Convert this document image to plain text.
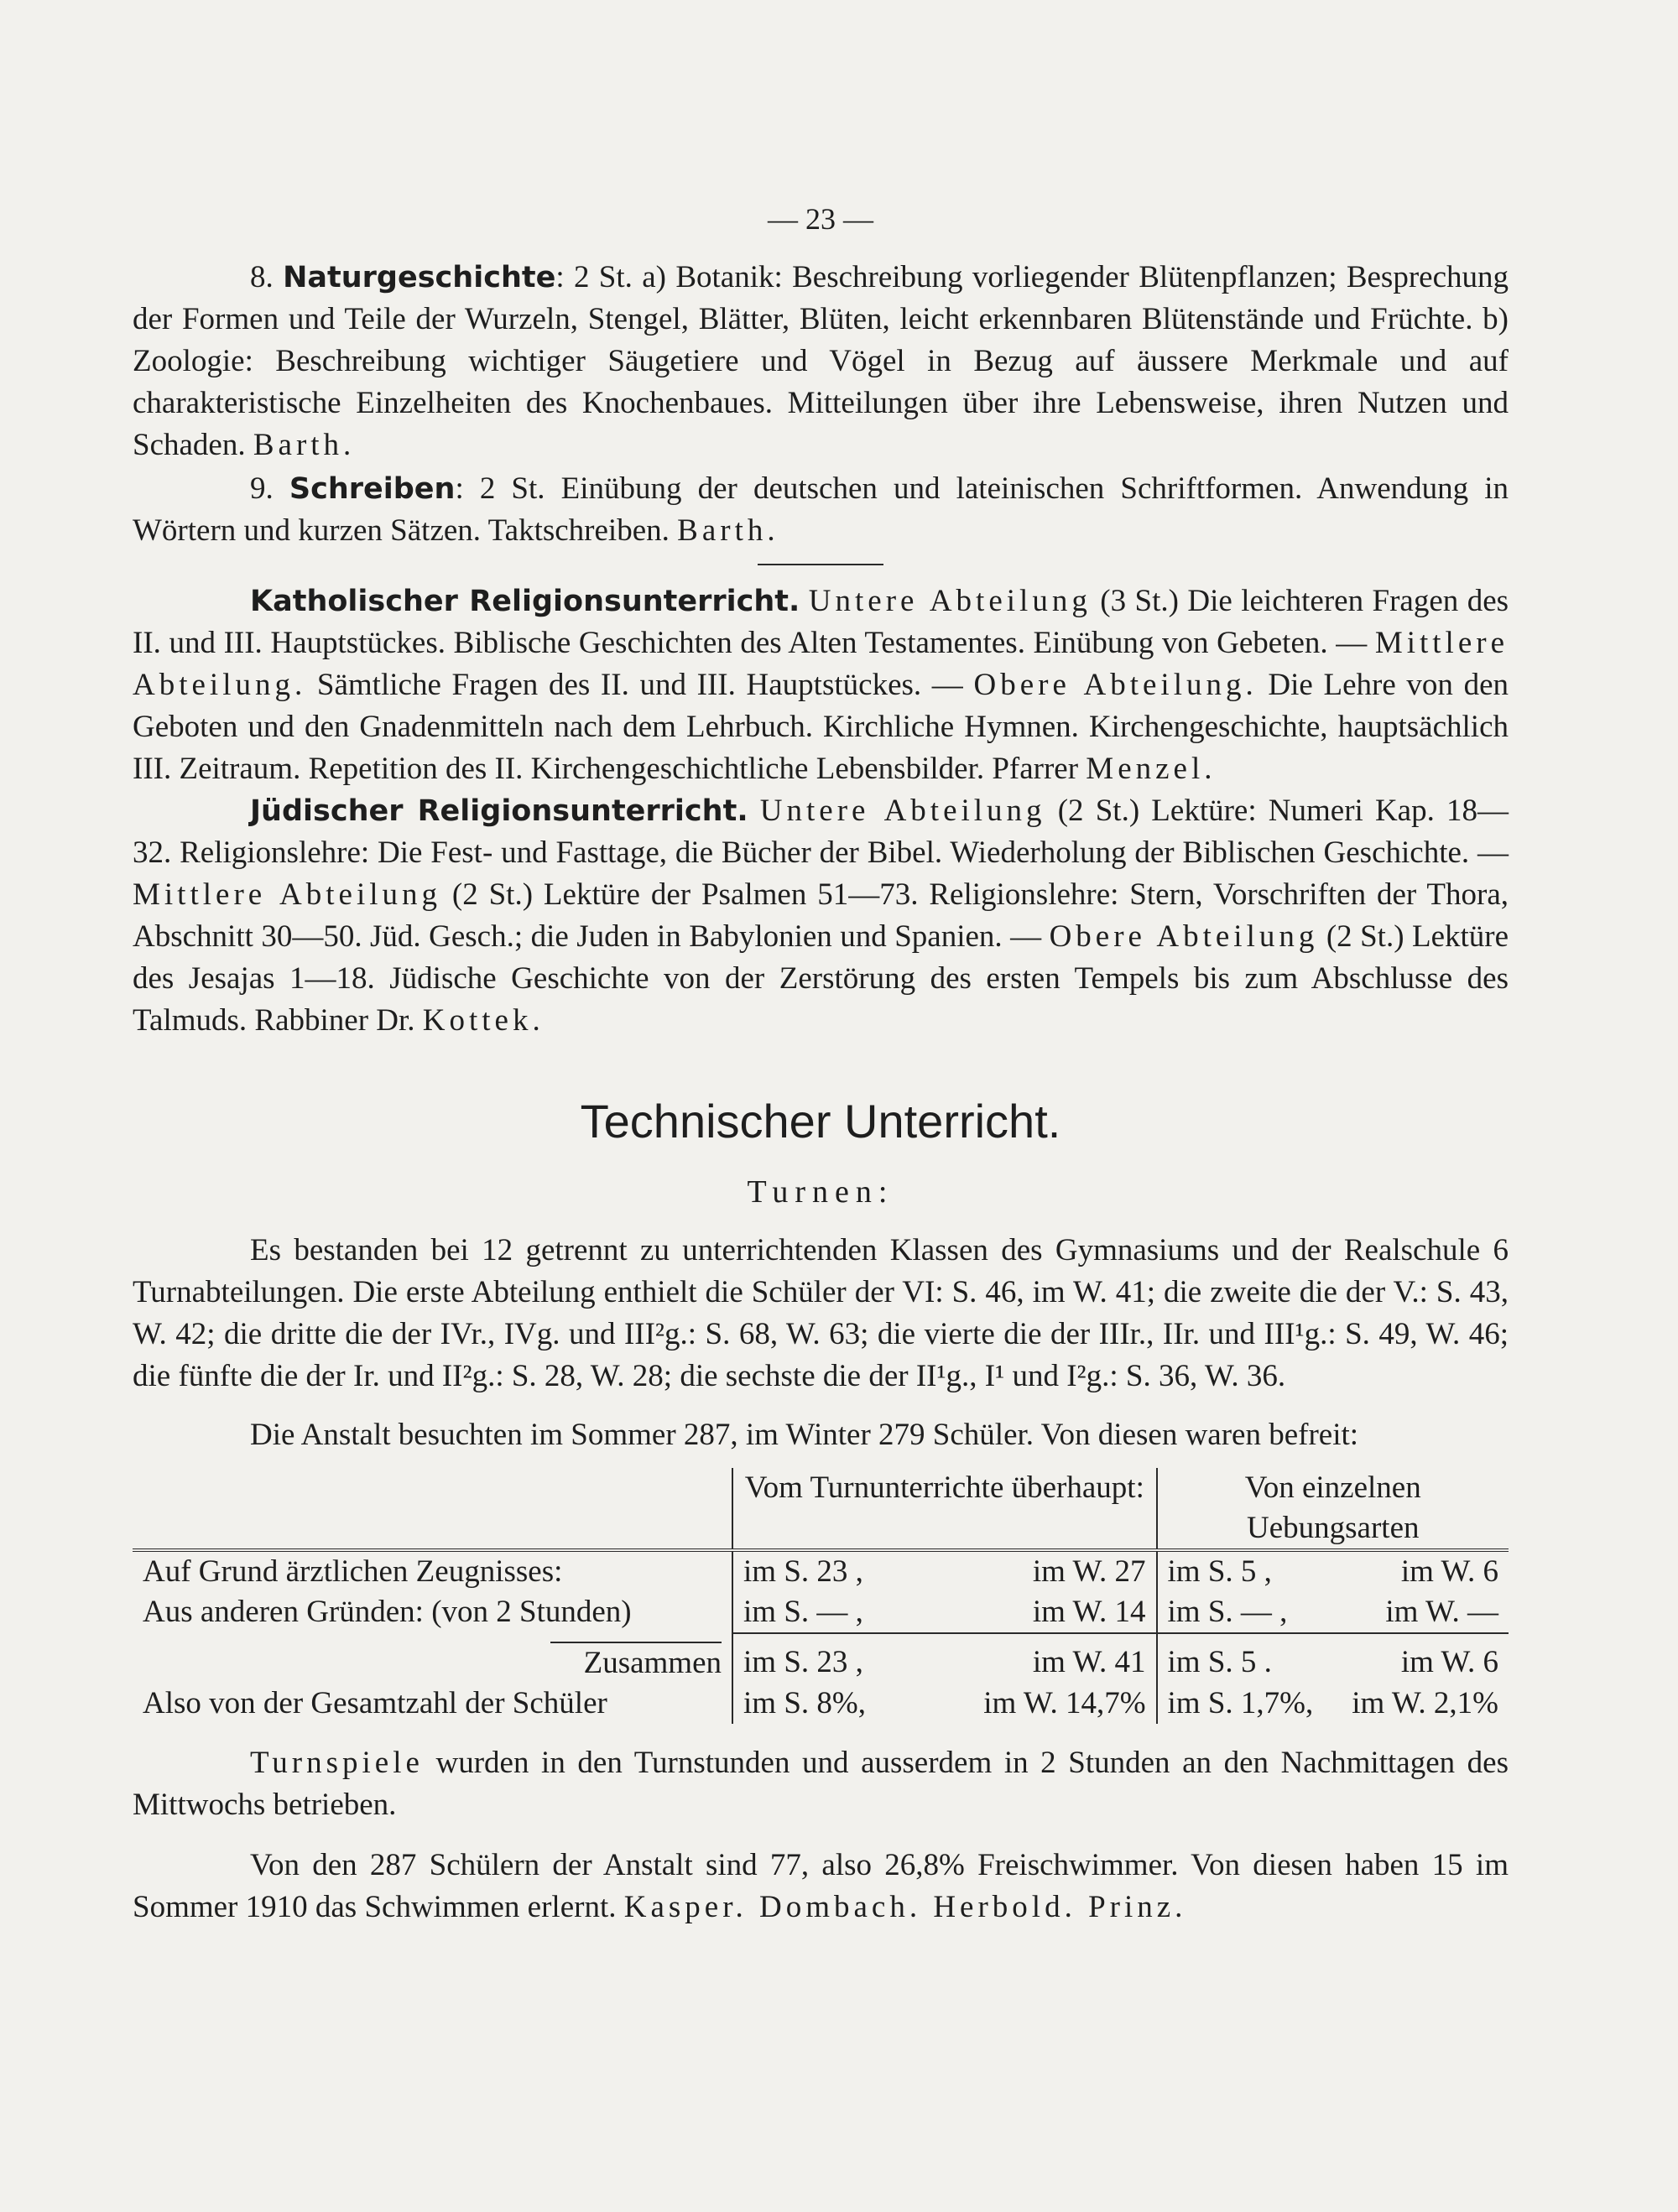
— 23 —

8. Naturgeschichte: 2 St. a) Botanik: Beschreibung vorliegender Blütenpflanzen; Besprechung der Formen und Teile der Wurzeln, Stengel, Blätter, Blüten, leicht erkennbaren Blütenstände und Früchte. b) Zoologie: Beschreibung wichtiger Säugetiere und Vögel in Bezug auf äussere Merkmale und auf charakteristische Einzelheiten des Knochenbaues. Mitteilungen über ihre Lebensweise, ihren Nutzen und Schaden. Barth.

9. Schreiben: 2 St. Einübung der deutschen und lateinischen Schriftformen. Anwendung in Wörtern und kurzen Sätzen. Taktschreiben. Barth.

Katholischer Religionsunterricht. Untere Abteilung (3 St.) Die leichteren Fragen des II. und III. Hauptstückes. Biblische Geschichten des Alten Testamentes. Einübung von Gebeten. — Mittlere Abteilung. Sämtliche Fragen des II. und III. Hauptstückes. — Obere Abteilung. Die Lehre von den Geboten und den Gnadenmitteln nach dem Lehrbuch. Kirchliche Hymnen. Kirchengeschichte, hauptsächlich III. Zeitraum. Repetition des II. Kirchengeschichtliche Lebensbilder. Pfarrer Menzel.

Jüdischer Religionsunterricht. Untere Abteilung (2 St.) Lektüre: Numeri Kap. 18—32. Religionslehre: Die Fest- und Fasttage, die Bücher der Bibel. Wiederholung der Biblischen Geschichte. — Mittlere Abteilung (2 St.) Lektüre der Psalmen 51—73. Religionslehre: Stern, Vorschriften der Thora, Abschnitt 30—50. Jüd. Gesch.; die Juden in Babylonien und Spanien. — Obere Abteilung (2 St.) Lektüre des Jesajas 1—18. Jüdische Geschichte von der Zerstörung des ersten Tempels bis zum Abschlusse des Talmuds. Rabbiner Dr. Kottek.

Technischer Unterricht.
Turnen:

Es bestanden bei 12 getrennt zu unterrichtenden Klassen des Gymnasiums und der Realschule 6 Turnabteilungen. Die erste Abteilung enthielt die Schüler der VI: S. 46, im W. 41; die zweite die der V.: S. 43, W. 42; die dritte die der IVr., IVg. und III²g.: S. 68, W. 63; die vierte die der IIIr., IIr. und III¹g.: S. 49, W. 46; die fünfte die der Ir. und II²g.: S. 28, W. 28; die sechste die der II¹g., I¹ und I²g.: S. 36, W. 36.

Die Anstalt besuchten im Sommer 287, im Winter 279 Schüler. Von diesen waren befreit:

	Vom Turnunterrichte überhaupt:	Von einzelnen Uebungsarten

Auf Grund ärztlichen Zeugnisses:	im S. 23 , im W. 27	im S. 5 , im W. 6

Aus anderen Gründen: (von 2 Stunden)	im S. — , im W. 14	im S. — , im W. —

Zusammen	im S. 23 , im W. 41	im S. 5 . im W. 6

Also von der Gesamtzahl der Schüler	im S. 8%, im W. 14,7%	im S. 1,7%, im W. 2,1%

Turnspiele wurden in den Turnstunden und ausserdem in 2 Stunden an den Nachmittagen des Mittwochs betrieben.

Von den 287 Schülern der Anstalt sind 77, also 26,8% Freischwimmer. Von diesen haben 15 im Sommer 1910 das Schwimmen erlernt. Kasper. Dombach. Herbold. Prinz.
